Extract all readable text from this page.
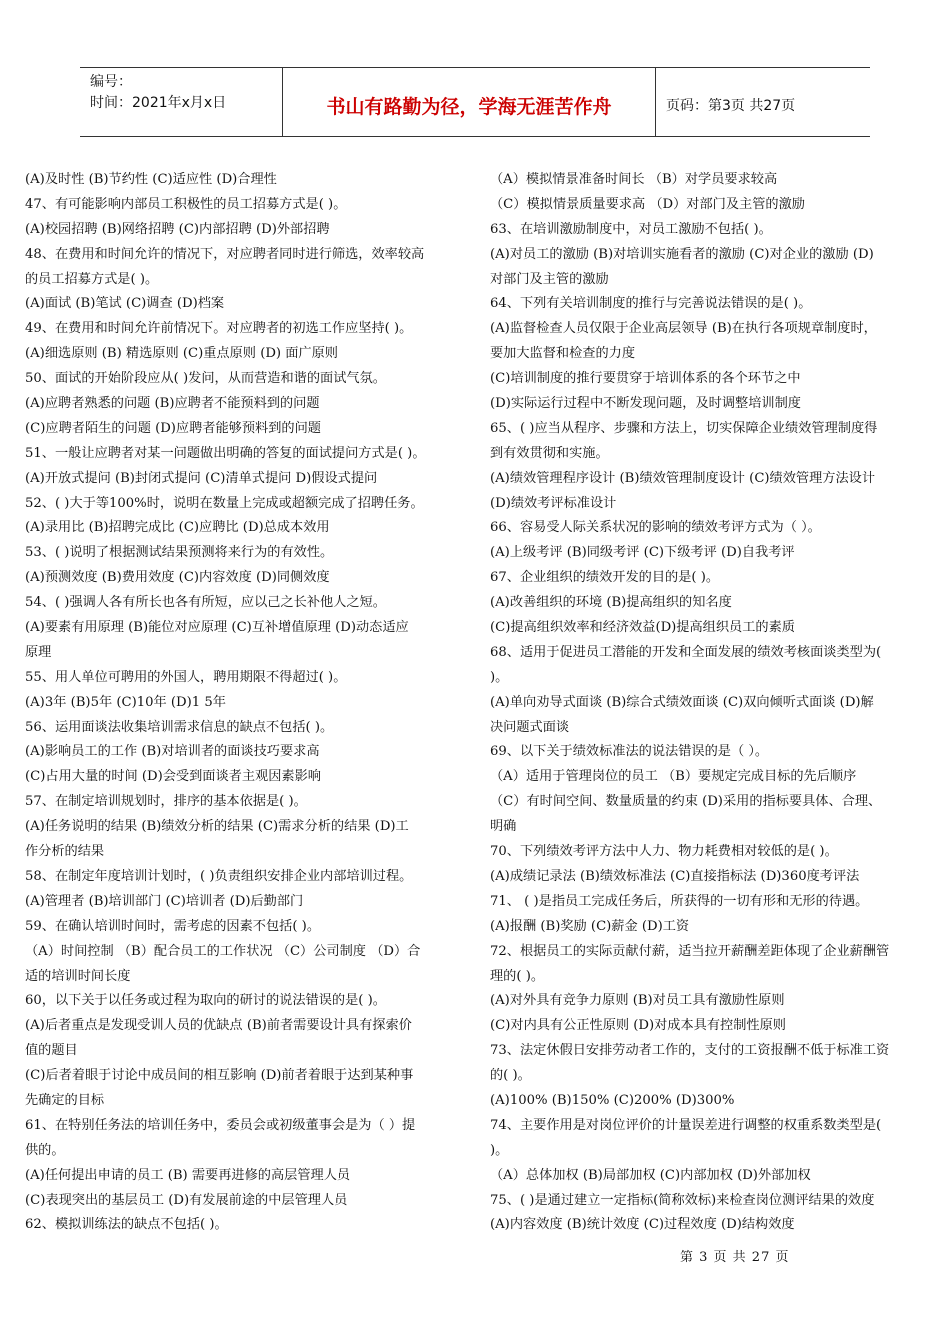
编号：
时间：2021年x月x日	书山有路勤为径，学海无涯苦作舟	页码：第3页 共27页
(A)及时性 (B)节约性 (C)适应性 (D)合理性
47、有可能影响内部员工积极性的员工招募方式是( )。
(A)校园招聘 (B)网络招聘 (C)内部招聘 (D)外部招聘
48、在费用和时间允许的情况下，对应聘者同时进行筛选，效率较高
的员工招募方式是( )。
(A)面试 (B)笔试 (C)调查 (D)档案
49、在费用和时间允许前情况下。对应聘者的初选工作应坚持( )。
(A)细选原则 (B) 精选原则 (C)重点原则 (D) 面广原则
50、面试的开始阶段应从( )发问，从而营造和谐的面试气氛。
(A)应聘者熟悉的问题 (B)应聘者不能预料到的问题
(C)应聘者陌生的问题 (D)应聘者能够预料到的问题
51、一般让应聘者对某一问题做出明确的答复的面试提问方式是( )。
(A)开放式提问 (B)封闭式提问 (C)清单式提问 D)假设式提问
52、( )大于等100%时，说明在数量上完成或超额完成了招聘任务。
(A)录用比 (B)招聘完成比 (C)应聘比 (D)总成本效用
53、( )说明了根据测试结果预测将来行为的有效性。
(A)预测效度 (B)费用效度 (C)内容效度 (D)同侧效度
54、( )强调人各有所长也各有所短，应以己之长补他人之短。
(A)要素有用原理 (B)能位对应原理 (C)互补增值原理 (D)动态适应
原理
55、用人单位可聘用的外国人，聘用期限不得超过( )。
(A)3年 (B)5年 (C)10年 (D)1 5年
56、运用面谈法收集培训需求信息的缺点不包括( )。
(A)影响员工的工作 (B)对培训者的面谈技巧要求高
(C)占用大量的时间 (D)会受到面谈者主观因素影响
57、在制定培训规划时，排序的基本依据是( )。
(A)任务说明的结果 (B)绩效分析的结果 (C)需求分析的结果 (D)工
作分析的结果
58、在制定年度培训计划时，( )负责组织安排企业内部培训过程。
(A)管理者 (B)培训部门 (C)培训者 (D)后勤部门
59、在确认培训时间时，需考虑的因素不包括( )。
（A）时间控制 （B）配合员工的工作状况 （C）公司制度 （D）合
适的培训时间长度
60，以下关于以任务或过程为取向的研讨的说法错误的是( )。
(A)后者重点是发现受训人员的优缺点 (B)前者需要设计具有探索价
值的题目
(C)后者着眼于讨论中成员间的相互影响 (D)前者着眼于达到某种事
先确定的目标
61、在特别任务法的培训任务中，委员会或初级董事会是为（ ）提
供的。
(A)任何提出申请的员工 (B) 需要再进修的高层管理人员
(C)表现突出的基层员工 (D)有发展前途的中层管理人员
62、模拟训练法的缺点不包括( )。
（A）模拟情景准备时间长 （B）对学员要求较高
（C）模拟情景质量要求高 （D）对部门及主管的激励
63、在培训激励制度中，对员工激励不包括( )。
(A)对员工的激励 (B)对培训实施看者的激励 (C)对企业的激励 (D)
对部门及主管的激励
64、下列有关培训制度的推行与完善说法错误的是( )。
(A)监督检查人员仅限于企业高层领导 (B)在执行各项规章制度时，
要加大监督和检查的力度
(C)培训制度的推行要贯穿于培训体系的各个环节之中
(D)实际运行过程中不断发现问题，及时调整培训制度
65、( )应当从程序、步骤和方法上，切实保障企业绩效管理制度得
到有效贯彻和实施。
(A)绩效管理程序设计 (B)绩效管理制度设计 (C)绩效管理方法设计
(D)绩效考评标准设计
66、容易受人际关系状况的影响的绩效考评方式为（ ）。
(A)上级考评 (B)同级考评 (C)下级考评 (D)自我考评
67、企业组织的绩效开发的目的是( )。
(A)改善组织的环境 (B)提高组织的知名度
(C)提高组织效率和经济效益(D)提高组织员工的素质
68、适用于促进员工潜能的开发和全面发展的绩效考核面谈类型为(
)。
(A)单向劝导式面谈 (B)综合式绩效面谈 (C)双向倾听式面谈 (D)解
决问题式面谈
69、以下关于绩效标准法的说法错误的是（ ）。
（A）适用于管理岗位的员工 （B）要规定完成目标的先后顺序
（C）有时间空间、数量质量的约束 (D)采用的指标要具体、合理、
明确
70、下列绩效考评方法中人力、物力耗费相对较低的是( )。
(A)成绩记录法 (B)绩效标准法 (C)直接指标法 (D)360度考评法
71、 ( )是指员工完成任务后，所获得的一切有形和无形的待遇。
(A)报酬 (B)奖励 (C)薪金 (D)工资
72、根据员工的实际贡献付薪，适当拉开薪酬差距体现了企业薪酬管
理的( )。
(A)对外具有竞争力原则 (B)对员工具有激励性原则
(C)对内具有公正性原则 (D)对成本具有控制性原则
73、法定休假日安排劳动者工作的，支付的工资报酬不低于标准工资
的( )。
(A)100% (B)150% (C)200% (D)300%
74、主要作用是对岗位评价的计量误差进行调整的权重系数类型是(
)。
（A）总体加权 (B)局部加权 (C)内部加权 (D)外部加权
75、( )是通过建立一定指标(简称效标)来检查岗位测评结果的效度
(A)内容效度 (B)统计效度 (C)过程效度 (D)结构效度
第 3 页 共 27 页
